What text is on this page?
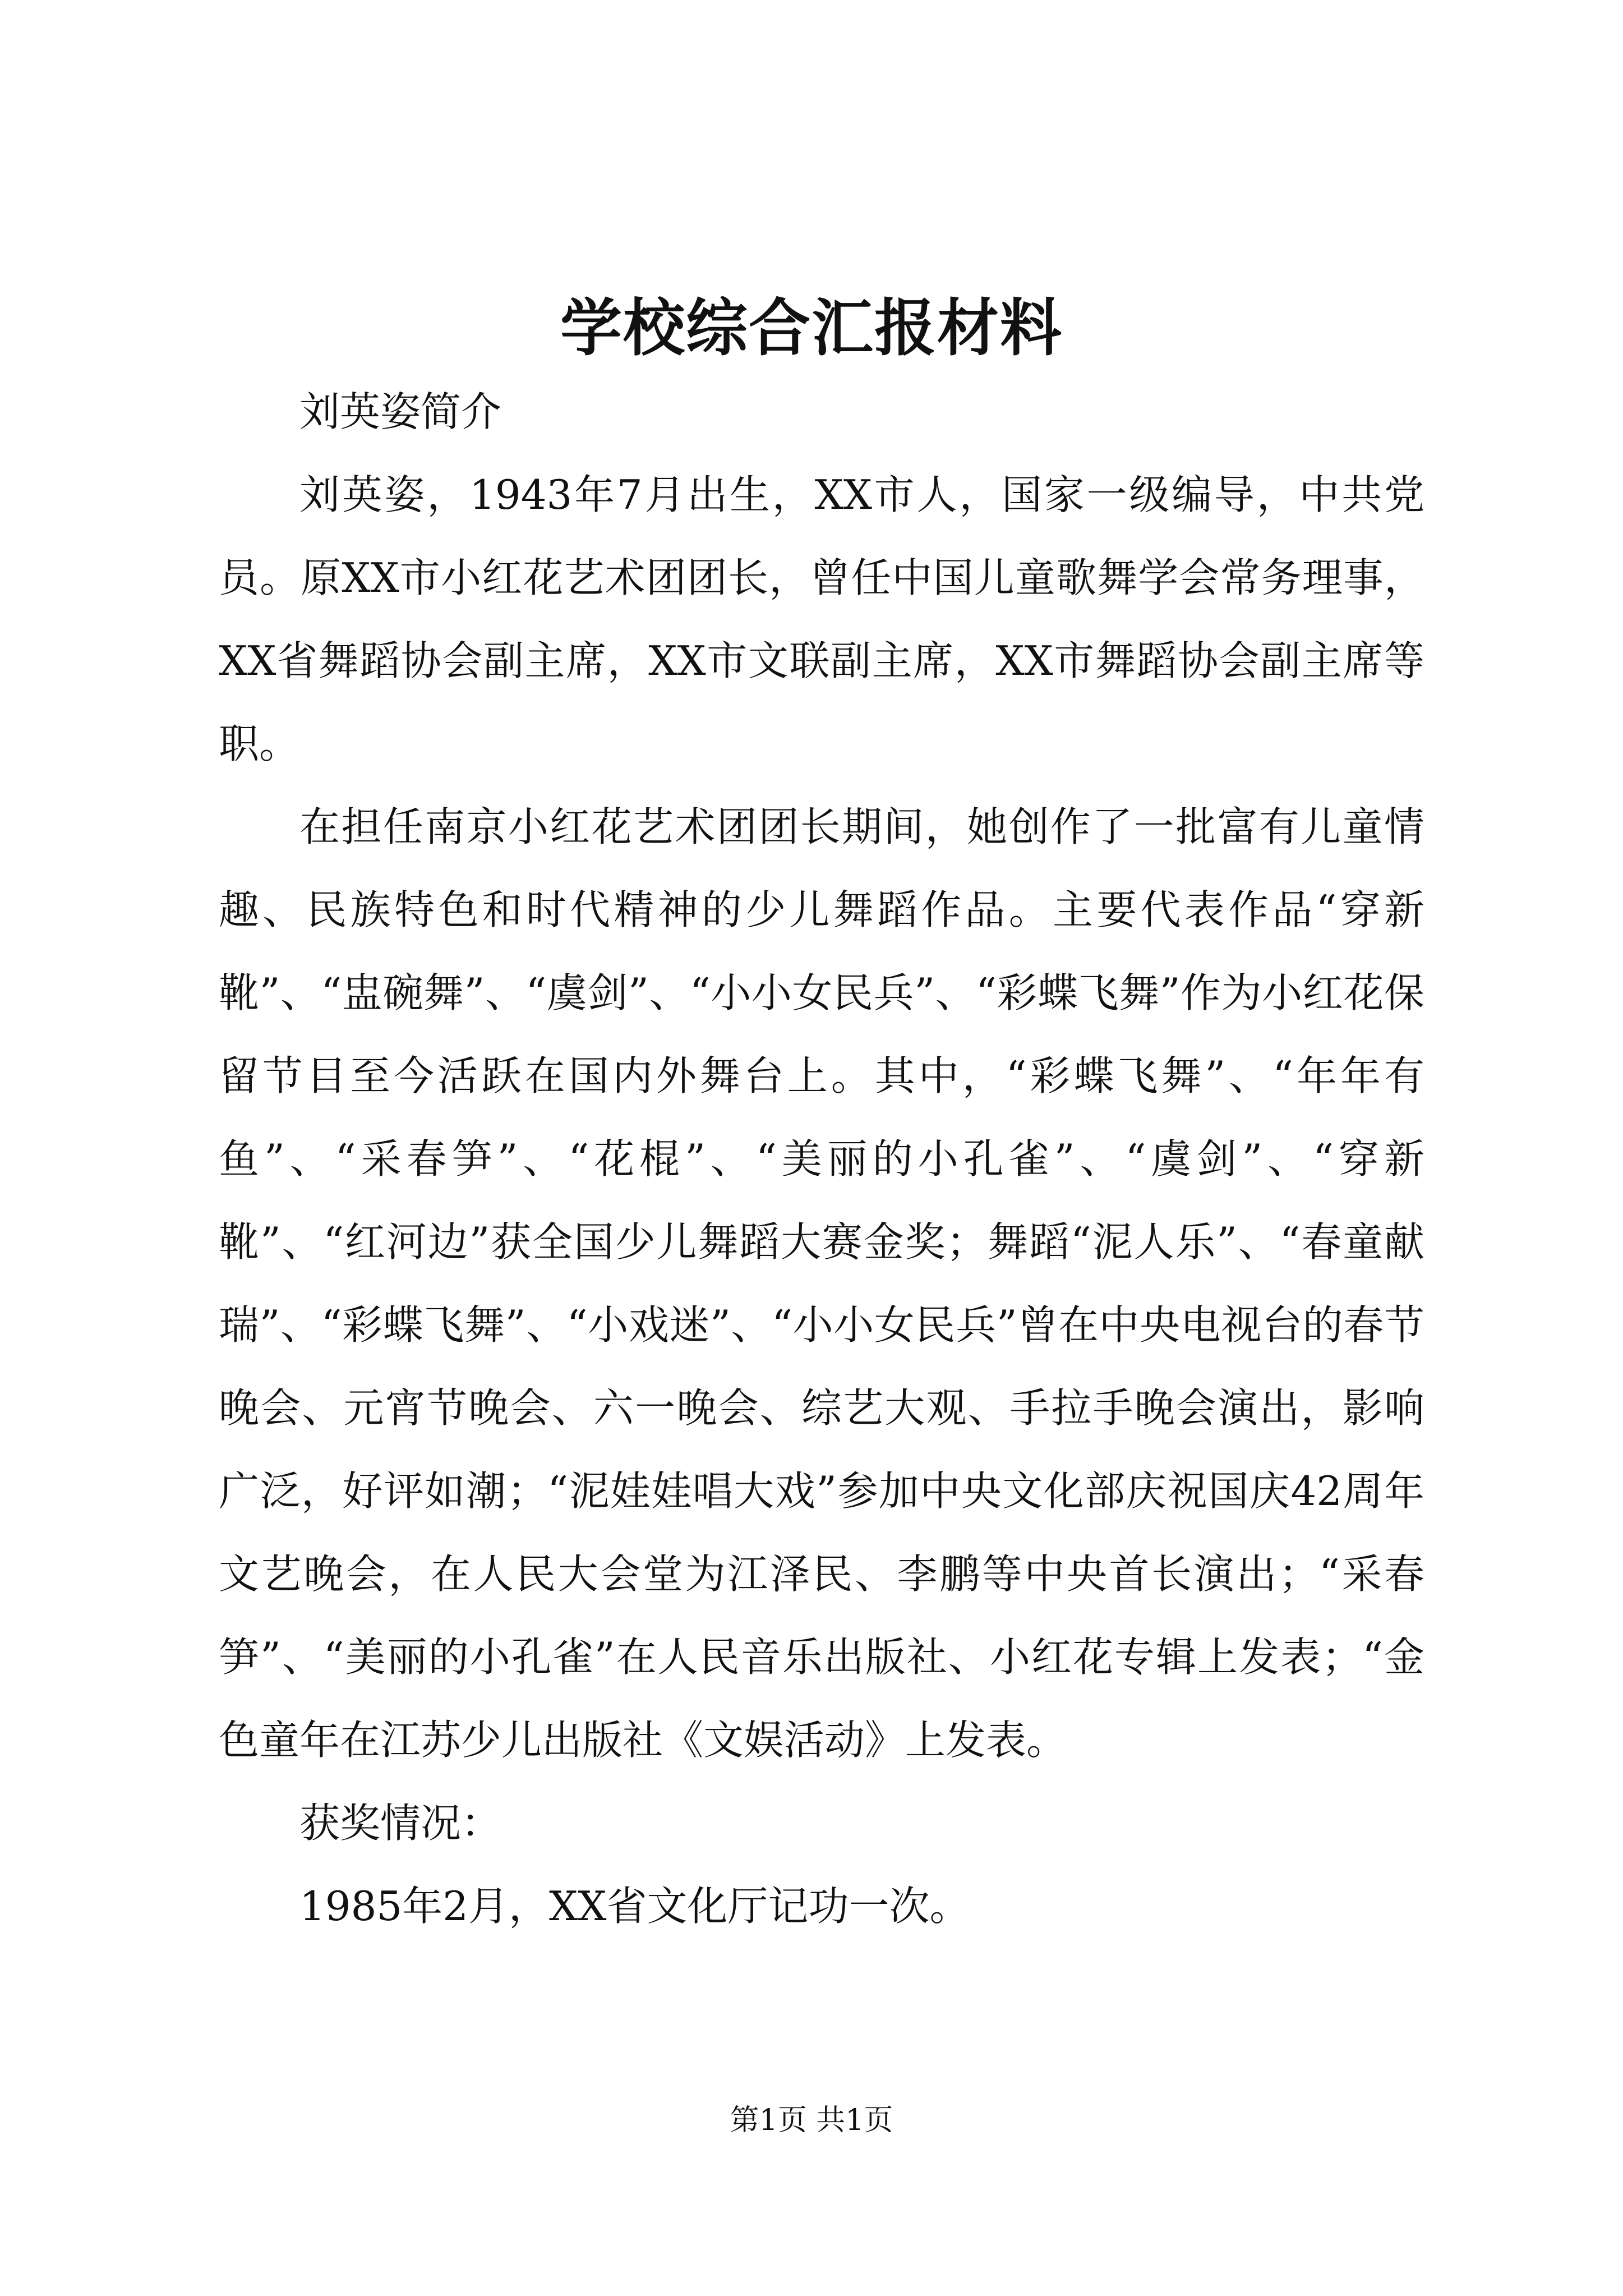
学校综合汇报材料

刘英姿简介

刘英姿，1943年7月出生，XX市人，国家一级编导，中共党员。原XX市小红花艺术团团长，曾任中国儿童歌舞学会常务理事，XX省舞蹈协会副主席，XX市文联副主席，XX市舞蹈协会副主席等职。

在担任南京小红花艺术团团长期间，她创作了一批富有儿童情趣、民族特色和时代精神的少儿舞蹈作品。主要代表作品“穿新靴”、“盅碗舞”、“虞剑”、“小小女民兵”、“彩蝶飞舞”作为小红花保留节目至今活跃在国内外舞台上。其中，“彩蝶飞舞”、“年年有鱼”、“采春笋”、“花棍”、“美丽的小孔雀”、“虞剑”、“穿新靴”、“红河边”获全国少儿舞蹈大赛金奖；舞蹈“泥人乐”、“春童献瑞”、“彩蝶飞舞”、“小戏迷”、“小小女民兵”曾在中央电视台的春节晚会、元宵节晚会、六一晚会、综艺大观、手拉手晚会演出，影响广泛，好评如潮；“泥娃娃唱大戏”参加中央文化部庆祝国庆42周年文艺晚会，在人民大会堂为江泽民、李鹏等中央首长演出；“采春笋”、“美丽的小孔雀”在人民音乐出版社、小红花专辑上发表；“金色童年在江苏少儿出版社《文娱活动》上发表。

获奖情况：

1985年2月，XX省文化厅记功一次。

第1页 共1页
